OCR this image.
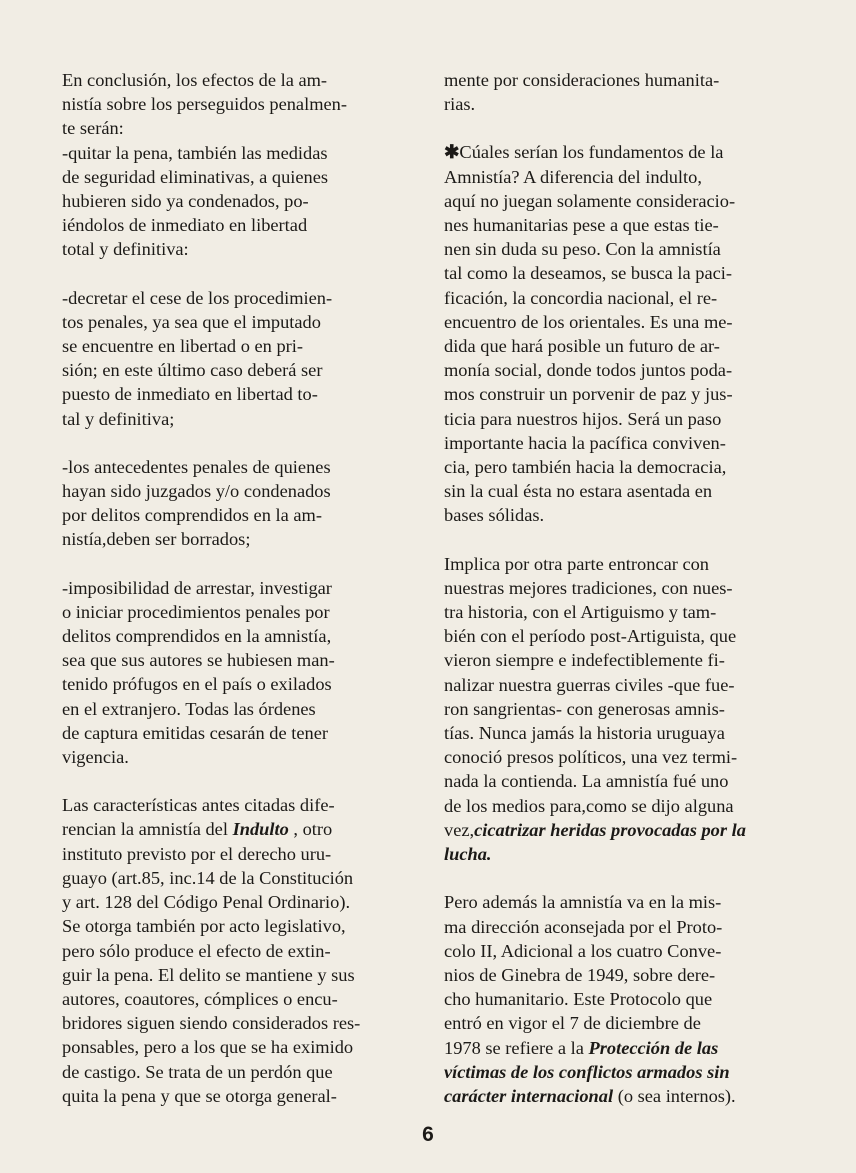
En conclusión, los efectos de la am-
nistía sobre los perseguidos penalmen-
te serán:

-quitar la pena, también las medidas
de seguridad eliminativas, a quienes
hubieren sido ya condenados, po-
iéndolos de inmediato en libertad
total y definitiva:

-decretar el cese de los procedimien-
tos penales, ya sea que el imputado
se encuentre en libertad o en pri-
sión; en este último caso deberá ser
puesto de inmediato en libertad to-
tal y definitiva;

-los antecedentes penales de quienes
hayan sido juzgados y/o condenados
por delitos comprendidos en la am-
nistía,deben ser borrados;

-imposibilidad de arrestar, investigar
o iniciar procedimientos penales por
delitos comprendidos en la amnistía,
sea que sus autores se hubiesen man-
tenido prófugos en el país o exilados
en el extranjero. Todas las órdenes
de captura emitidas cesarán de tener
vigencia.

Las características antes citadas dife-
rencian la amnistía del Indulto , otro
instituto previsto por el derecho uru-
guayo (art.85, inc.14 de la Constitución
y art. 128 del Código Penal Ordinario).
Se otorga también por acto legislativo,
pero sólo produce el efecto de extin-
guir la pena. El delito se mantiene y sus
autores, coautores, cómplices o encu-
bridores siguen siendo considerados res-
ponsables, pero a los que se ha eximido
de castigo. Se trata de un perdón que
quita la pena y que se otorga general-

mente por consideraciones humanita-
rias.

✱Cúales serían los fundamentos de la
Amnistía? A diferencia del indulto,
aquí no juegan solamente consideracio-
nes humanitarias pese a que estas tie-
nen sin duda su peso. Con la amnistía
tal como la deseamos, se busca la paci-
ficación, la concordia nacional, el re-
encuentro de los orientales. Es una me-
dida que hará posible un futuro de ar-
monía social, donde todos juntos poda-
mos construir un porvenir de paz y jus-
ticia para nuestros hijos. Será un paso
importante hacia la pacífica conviven-
cia, pero también hacia la democracia,
sin la cual ésta no estara asentada en
bases sólidas.

Implica por otra parte entroncar con
nuestras mejores tradiciones, con nues-
tra historia, con el Artiguismo y tam-
bién con el período post-Artiguista, que
vieron siempre e indefectiblemente fi-
nalizar nuestra guerras civiles -que fue-
ron sangrientas- con generosas amnis-
tías. Nunca jamás la historia uruguaya
conoció presos políticos, una vez termi-
nada la contienda. La amnistía fué uno
de los medios para,como se dijo alguna
vez,cicatrizar heridas provocadas por la
lucha.

Pero además la amnistía va en la mis-
ma dirección aconsejada por el Proto-
colo II, Adicional a los cuatro Conve-
nios de Ginebra de 1949, sobre dere-
cho humanitario. Este Protocolo que
entró en vigor el 7 de diciembre de
1978 se refiere a la Protección de las
víctimas de los conflictos armados sin
carácter internacional (o sea internos).

6
